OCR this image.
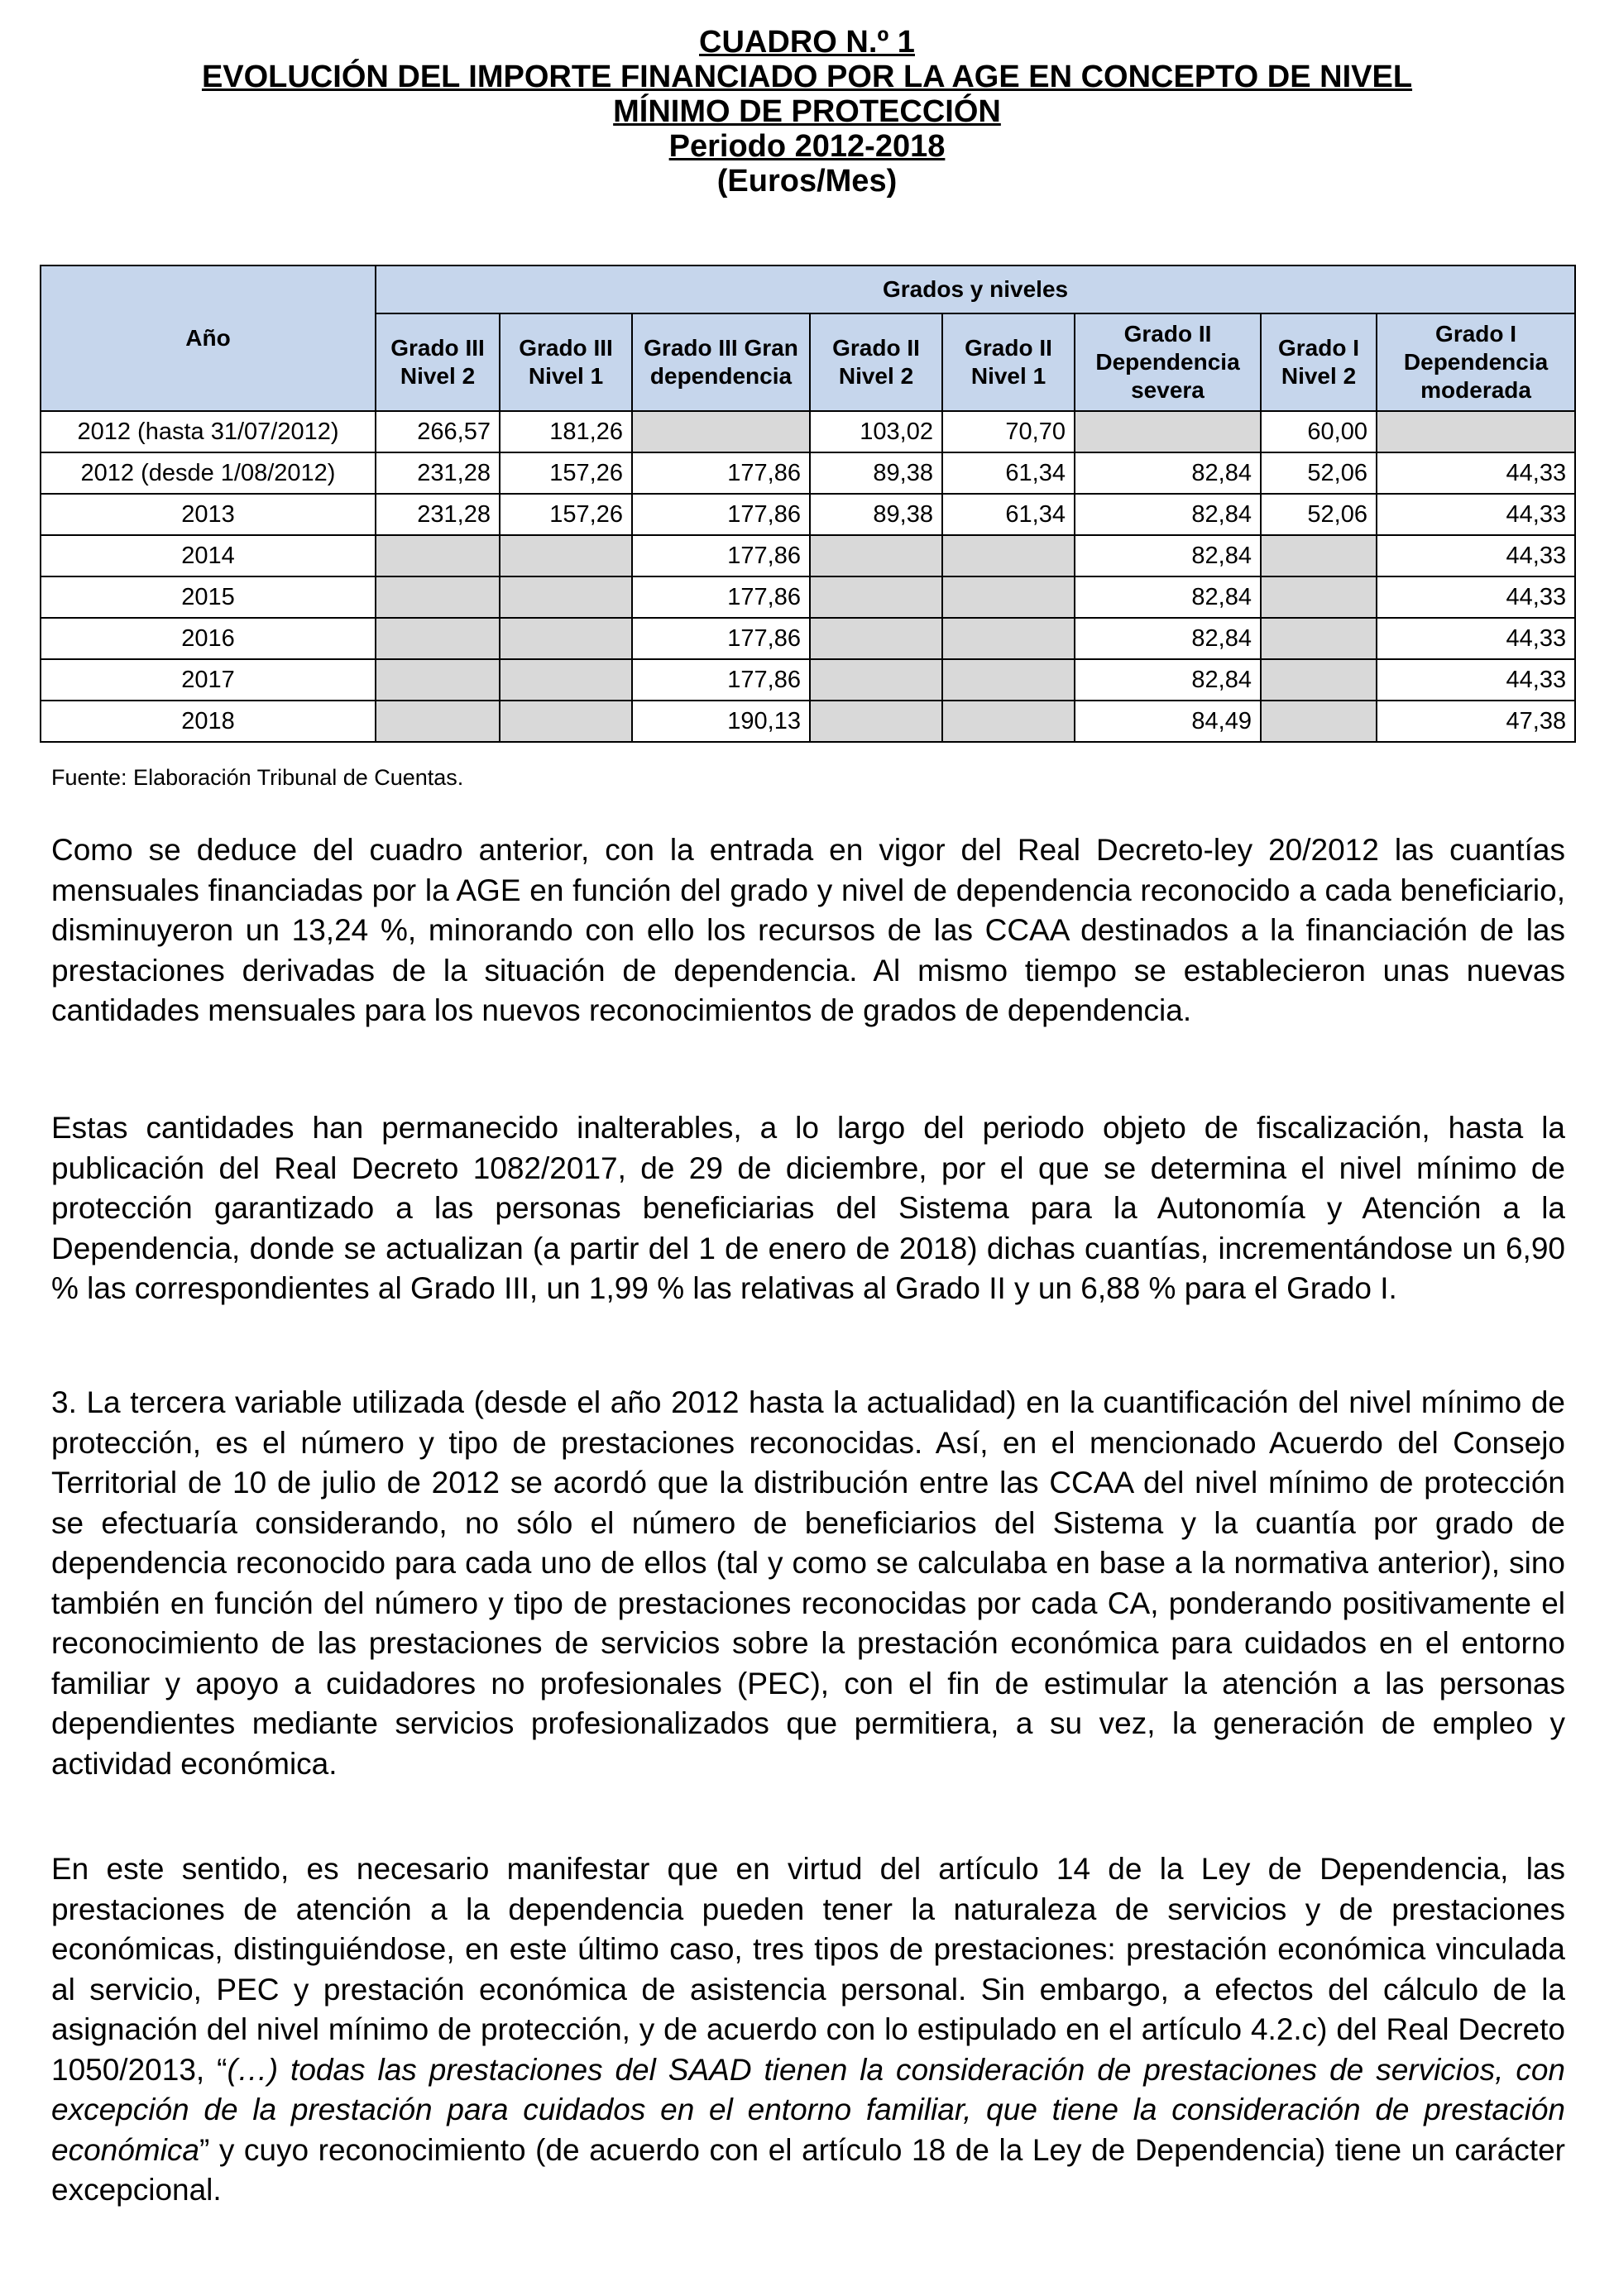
CUADRO N.º 1
EVOLUCIÓN DEL IMPORTE FINANCIADO POR LA AGE EN CONCEPTO DE NIVEL
MÍNIMO DE PROTECCIÓN
Periodo 2012-2018
(Euros/Mes)
Año	Grados y niveles							
	Grado III Nivel 2	Grado III Nivel 1	Grado III Gran dependencia	Grado II Nivel 2	Grado II Nivel 1	Grado II Dependencia severa	Grado I Nivel 2	Grado I Dependencia moderada
2012 (hasta 31/07/2012)	266,57	181,26		103,02	70,70		60,00	
2012 (desde 1/08/2012)	231,28	157,26	177,86	89,38	61,34	82,84	52,06	44,33
2013	231,28	157,26	177,86	89,38	61,34	82,84	52,06	44,33
2014			177,86			82,84		44,33
2015			177,86			82,84		44,33
2016			177,86			82,84		44,33
2017			177,86			82,84		44,33
2018			190,13			84,49		47,38
Fuente: Elaboración Tribunal de Cuentas.

Como se deduce del cuadro anterior, con la entrada en vigor del Real Decreto-ley 20/2012 las cuantías mensuales financiadas por la AGE en función del grado y nivel de dependencia reconocido a cada beneficiario, disminuyeron un 13,24 %, minorando con ello los recursos de las CCAA destinados a la financiación de las prestaciones derivadas de la situación de dependencia. Al mismo tiempo se establecieron unas nuevas cantidades mensuales para los nuevos reconocimientos de grados de dependencia.

Estas cantidades han permanecido inalterables, a lo largo del periodo objeto de fiscalización, hasta la publicación del Real Decreto 1082/2017, de 29 de diciembre, por el que se determina el nivel mínimo de protección garantizado a las personas beneficiarias del Sistema para la Autonomía y Atención a la Dependencia, donde se actualizan (a partir del 1 de enero de 2018) dichas cuantías, incrementándose un 6,90 % las correspondientes al Grado III, un 1,99 % las relativas al Grado II y un 6,88 % para el Grado I.

3. La tercera variable utilizada (desde el año 2012 hasta la actualidad) en la cuantificación del nivel mínimo de protección, es el número y tipo de prestaciones reconocidas. Así, en el mencionado Acuerdo del Consejo Territorial de 10 de julio de 2012 se acordó que la distribución entre las CCAA del nivel mínimo de protección se efectuaría considerando, no sólo el número de beneficiarios del Sistema y la cuantía por grado de dependencia reconocido para cada uno de ellos (tal y como se calculaba en base a la normativa anterior), sino también en función del número y tipo de prestaciones reconocidas por cada CA, ponderando positivamente el reconocimiento de las prestaciones de servicios sobre la prestación económica para cuidados en el entorno familiar y apoyo a cuidadores no profesionales (PEC), con el fin de estimular la atención a las personas dependientes mediante servicios profesionalizados que permitiera, a su vez, la generación de empleo y actividad económica.

En este sentido, es necesario manifestar que en virtud del artículo 14 de la Ley de Dependencia, las prestaciones de atención a la dependencia pueden tener la naturaleza de servicios y de prestaciones económicas, distinguiéndose, en este último caso, tres tipos de prestaciones: prestación económica vinculada al servicio, PEC y prestación económica de asistencia personal. Sin embargo, a efectos del cálculo de la asignación del nivel mínimo de protección, y de acuerdo con lo estipulado en el artículo 4.2.c) del Real Decreto 1050/2013, “(…) todas las prestaciones del SAAD tienen la consideración de prestaciones de servicios, con excepción de la prestación para cuidados en el entorno familiar, que tiene la consideración de prestación económica” y cuyo reconocimiento (de acuerdo con el artículo 18 de la Ley de Dependencia) tiene un carácter excepcional.
